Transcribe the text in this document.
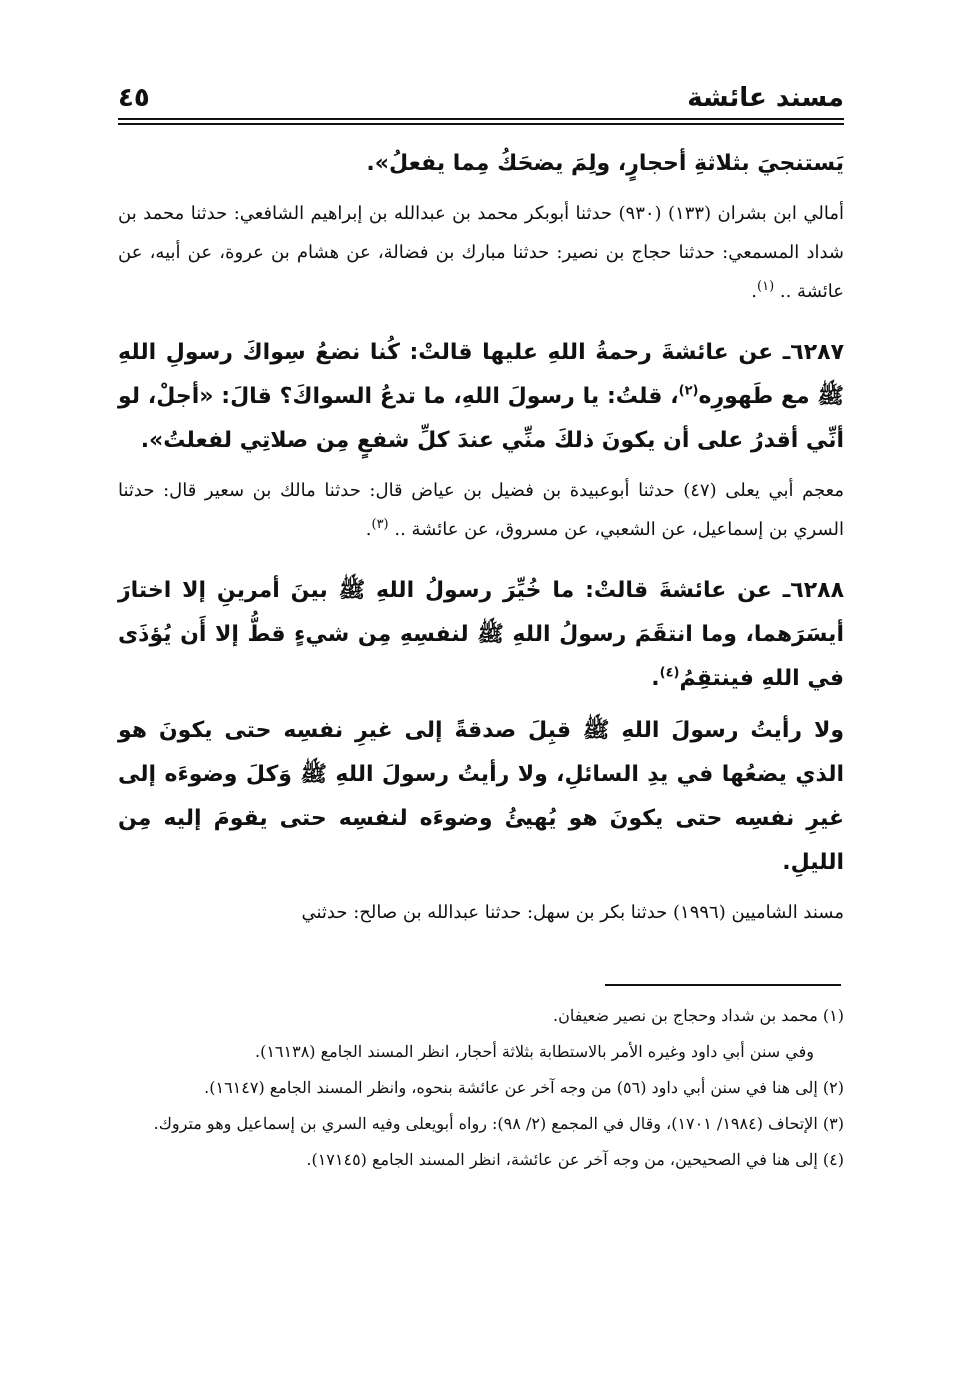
مسند عائشة
٤٥

يَستنجيَ بثلاثةِ أحجارٍ، ولِمَ يضحَكُ مِما يفعلُ».

أمالي ابن بشران (١٣٣) (٩٣٠) حدثنا أبوبكر محمد بن عبدالله بن إبراهيم الشافعي: حدثنا محمد بن شداد المسمعي: حدثنا حجاج بن نصير: حدثنا مبارك بن فضالة، عن هشام بن عروة، عن أبيه، عن عائشة .. $^{(١)}$.

٦٢٨٧ـ عن عائشةَ رحمةُ اللهِ عليها قالتْ: كُنا نضعُ سِواكَ رسولِ اللهِ ﷺ مع طَهورِه$^{(٢)}$، قلتُ: يا رسولَ اللهِ، ما تدعُ السواكَ؟ قالَ: «أجلْ، لو أنِّي أقدرُ على أن يكونَ ذلكَ منِّي عندَ كلِّ شفعٍ مِن صلاتِي لفعلتُ».

معجم أبي يعلى (٤٧) حدثنا أبوعبيدة بن فضيل بن عياض قال: حدثنا مالك بن سعير قال: حدثنا السري بن إسماعيل، عن الشعبي، عن مسروق، عن عائشة .. $^{(٣)}$.

٦٢٨٨ـ عن عائشةَ قالتْ: ما خُيِّرَ رسولُ اللهِ ﷺ بينَ أمرينِ إلا اختارَ أيسَرَهما، وما انتقَمَ رسولُ اللهِ ﷺ لنفسِهِ مِن شيءٍ قطُّ إلا أَن يُؤذَى في اللهِ فينتقِمُ$^{(٤)}$.

ولا رأيتُ رسولَ اللهِ ﷺ قبِلَ صدقةً إلى غيرِ نفسِه حتى يكونَ هو الذي يضعُها في يدِ السائلِ، ولا رأيتُ رسولَ اللهِ ﷺ وَكلَ وضوءَه إلى غيرِ نفسِه حتى يكونَ هو يُهيئُ وضوءَه لنفسِه حتى يقومَ إليه مِن الليلِ.

مسند الشاميين (١٩٩٦) حدثنا بكر بن سهل: حدثنا عبدالله بن صالح: حدثني

(١) محمد بن شداد وحجاج بن نصير ضعيفان.

وفي سنن أبي داود وغيره الأمر بالاستطابة بثلاثة أحجار، انظر المسند الجامع (١٦١٣٨).

(٢) إلى هنا في سنن أبي داود (٥٦) من وجه آخر عن عائشة بنحوه، وانظر المسند الجامع (١٦١٤٧).

(٣) الإتحاف (١٩٨٤/ ١٧٠١)، وقال في المجمع (٢/ ٩٨): رواه أبويعلى وفيه السري بن إسماعيل وهو متروك.

(٤) إلى هنا في الصحيحين، من وجه آخر عن عائشة، انظر المسند الجامع (١٧١٤٥).
